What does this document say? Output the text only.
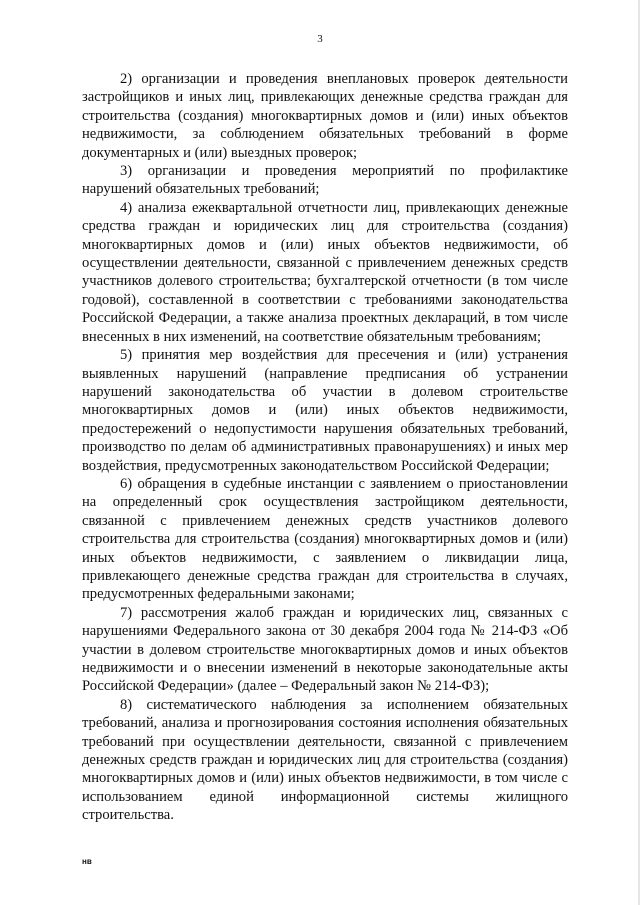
3

2) организации и проведения внеплановых проверок деятельности застройщиков и иных лиц, привлекающих денежные средства граждан для строительства (создания) многоквартирных домов и (или) иных объектов недвижимости, за соблюдением обязательных требований в форме документарных и (или) выездных проверок;

3) организации и проведения мероприятий по профилактике нарушений обязательных требований;

4) анализа ежеквартальной отчетности лиц, привлекающих денежные средства граждан и юридических лиц для строительства (создания) многоквартирных домов и (или) иных объектов недвижимости, об осуществлении деятельности, связанной с привлечением денежных средств участников долевого строительства; бухгалтерской отчетности (в том числе годовой), составленной в соответствии с требованиями законодательства Российской Федерации, а также анализа проектных деклараций, в том числе внесенных в них изменений, на соответствие обязательным требованиям;

5) принятия мер воздействия для пресечения и (или) устранения выявленных нарушений (направление предписания об устранении нарушений законодательства об участии в долевом строительстве многоквартирных домов и (или) иных объектов недвижимости, предостережений о недопустимости нарушения обязательных требований, производство по делам об административных правонарушениях) и иных мер воздействия, предусмотренных законодательством Российской Федерации;

6) обращения в судебные инстанции с заявлением о приостановлении на определенный срок осуществления застройщиком деятельности, связанной с привлечением денежных средств участников долевого строительства для строительства (создания) многоквартирных домов и (или) иных объектов недвижимости, с заявлением о ликвидации лица, привлекающего денежные средства граждан для строительства в случаях, предусмотренных федеральными законами;

7) рассмотрения жалоб граждан и юридических лиц, связанных с нарушениями Федерального закона от 30 декабря 2004 года № 214-ФЗ «Об участии в долевом строительстве многоквартирных домов и иных объектов недвижимости и о внесении изменений в некоторые законодательные акты Российской Федерации» (далее – Федеральный закон № 214-ФЗ);

8) систематического наблюдения за исполнением обязательных требований, анализа и прогнозирования состояния исполнения обязательных требований при осуществлении деятельности, связанной с привлечением денежных средств граждан и юридических лиц для строительства (создания) многоквартирных домов и (или) иных объектов недвижимости, в том числе с использованием единой информационной системы жилищного строительства.

нв
